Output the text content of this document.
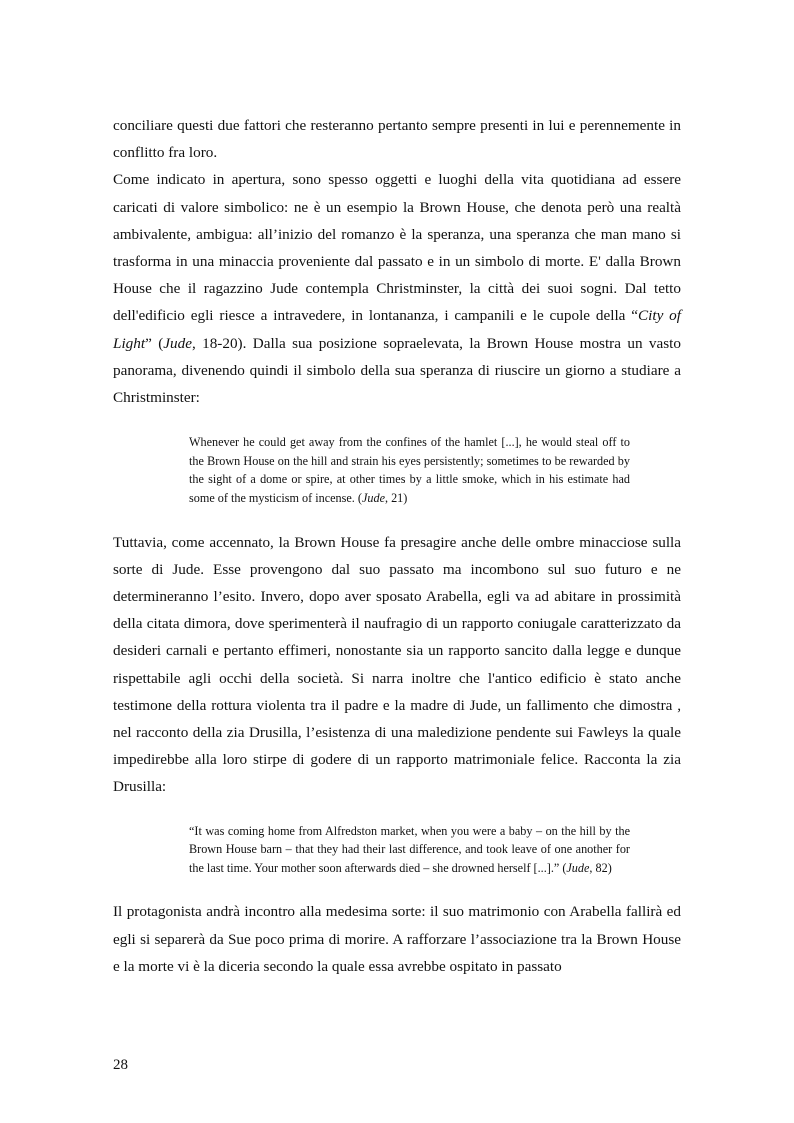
conciliare questi due fattori che resteranno pertanto sempre presenti in lui e perennemente in conflitto fra loro.

Come indicato in apertura, sono spesso oggetti e luoghi della vita quotidiana ad essere caricati di valore simbolico: ne è un esempio la Brown House, che denota però una realtà ambivalente, ambigua: all’inizio del romanzo è la speranza, una speranza che man mano si trasforma in una minaccia proveniente dal passato e in un simbolo di morte. E' dalla Brown House che il ragazzino Jude contempla Christminster, la città dei suoi sogni. Dal tetto dell'edificio egli riesce a intravedere, in lontananza, i campanili e le cupole della “City of Light” (Jude, 18-20). Dalla sua posizione sopraelevata, la Brown House mostra un vasto panorama, divenendo quindi il simbolo della sua speranza di riuscire un giorno a studiare a Christminster:

Whenever he could get away from the confines of the hamlet [...], he would steal off to the Brown House on the hill and strain his eyes persistently; sometimes to be rewarded by the sight of a dome or spire, at other times by a little smoke, which in his estimate had some of the mysticism of incense. (Jude, 21)

Tuttavia, come accennato, la Brown House fa presagire anche delle ombre minacciose sulla sorte di Jude. Esse provengono dal suo passato ma incombono sul suo futuro e ne determineranno l’esito. Invero, dopo aver sposato Arabella, egli va ad abitare in prossimità della citata dimora, dove sperimenterà il naufragio di un rapporto coniugale caratterizzato da desideri carnali e pertanto effimeri, nonostante sia un rapporto sancito dalla legge e dunque rispettabile agli occhi della società. Si narra inoltre che l'antico edificio è stato anche testimone della rottura violenta tra il padre e la madre di Jude, un fallimento che dimostra , nel racconto della zia Drusilla, l’esistenza di una maledizione pendente sui Fawleys la quale impedirebbe alla loro stirpe di godere di un rapporto matrimoniale felice. Racconta la zia Drusilla:

“It was coming home from Alfredston market, when you were a baby – on the hill by the Brown House barn – that they had their last difference, and took leave of one another for the last time. Your mother soon afterwards died – she drowned herself [...].” (Jude, 82)

Il protagonista andrà incontro alla medesima sorte: il suo matrimonio con Arabella fallirà ed egli si separerà da Sue poco prima di morire. A rafforzare l’associazione tra la Brown House e la morte vi è la diceria secondo la quale essa avrebbe ospitato in passato

28
